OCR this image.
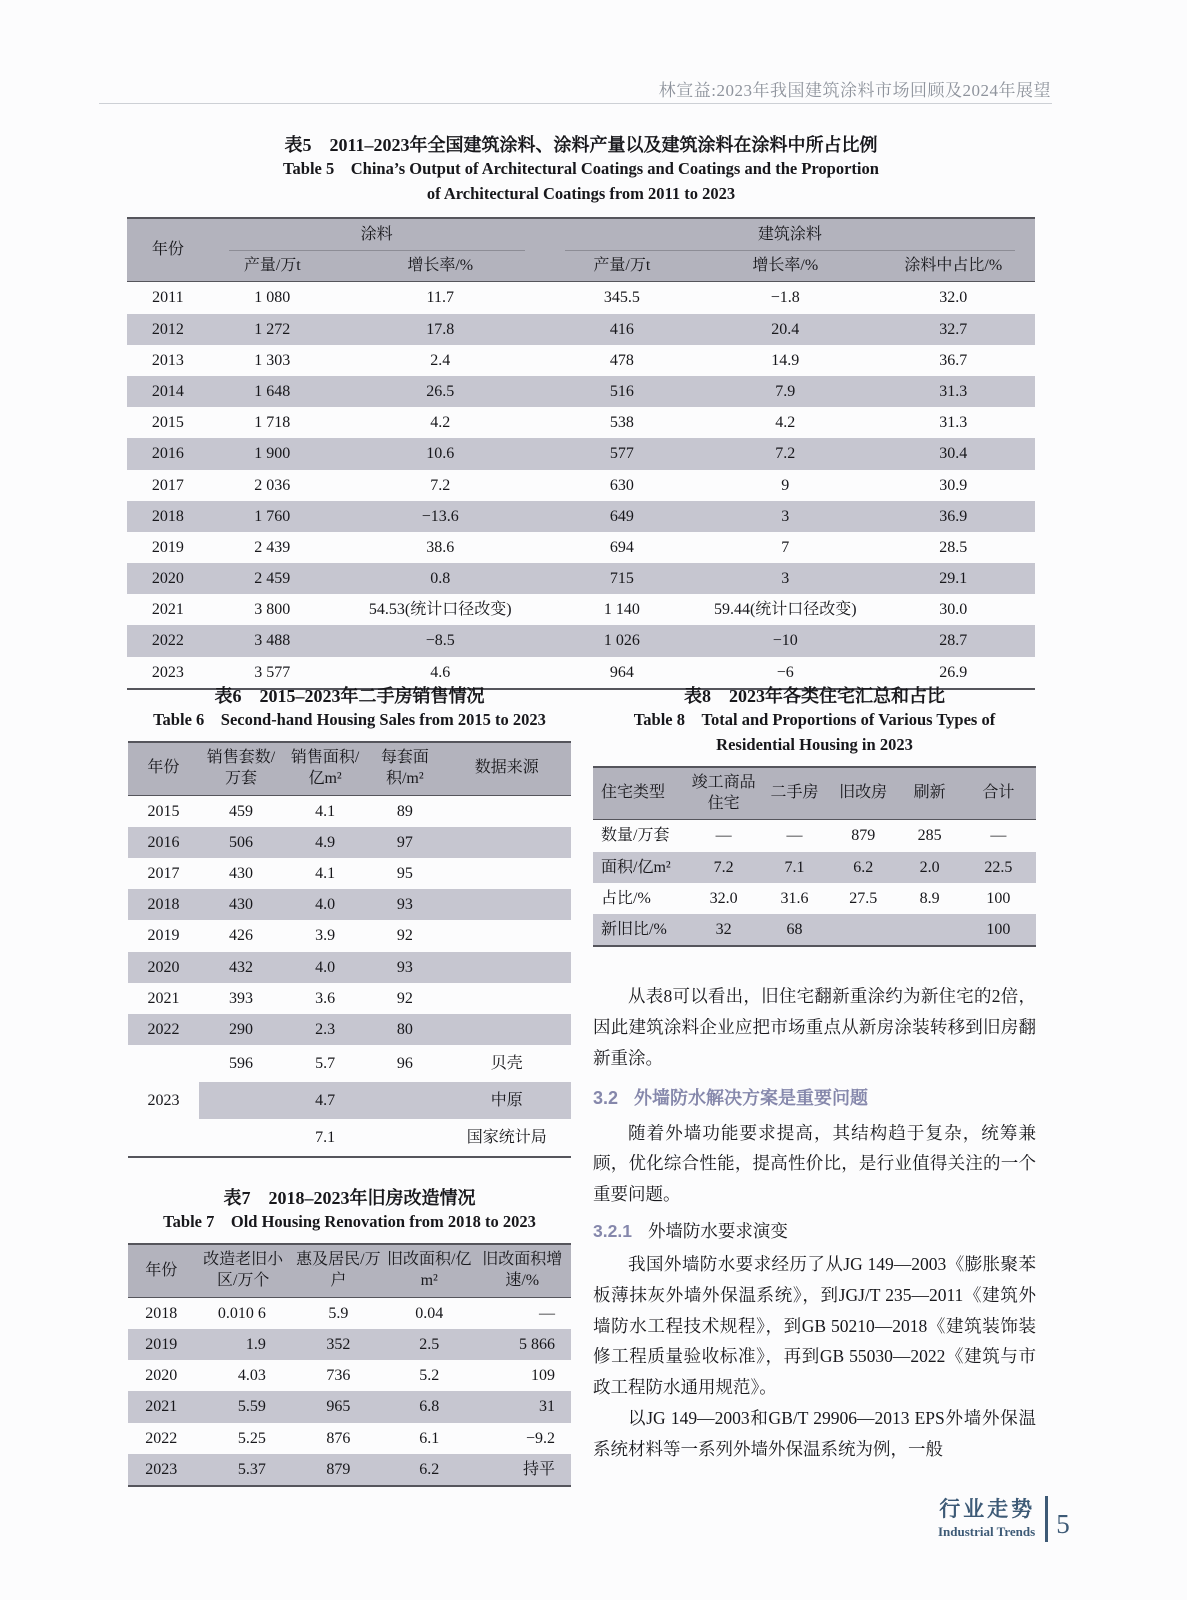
林宣益:2023年我国建筑涂料市场回顾及2024年展望
表5　2011–2023年全国建筑涂料、涂料产量以及建筑涂料在涂料中所占比例
Table 5　China’s Output of Architectural Coatings and Coatings and the Proportion
of Architectural Coatings from 2011 to 2023
年份	涂料		建筑涂料		

	产量/万t	增长率/%	产量/万t	增长率/%	涂料中占比/%
2011	1 080	11.7	345.5	−1.8	32.0
2012	1 272	17.8	416	20.4	32.7
2013	1 303	2.4	478	14.9	36.7
2014	1 648	26.5	516	7.9	31.3
2015	1 718	4.2	538	4.2	31.3
2016	1 900	10.6	577	7.2	30.4
2017	2 036	7.2	630	9	30.9
2018	1 760	−13.6	649	3	36.9
2019	2 439	38.6	694	7	28.5
2020	2 459	0.8	715	3	29.1
2021	3 800	54.53(统计口径改变)	1 140	59.44(统计口径改变)	30.0
2022	3 488	−8.5	1 026	−10	28.7
2023	3 577	4.6	964	−6	26.9
表6　2015–2023年二手房销售情况
Table 6　Second-hand Housing Sales from 2015 to 2023
年份	销售套数/万套	销售面积/亿m²	每套面积/m²	数据来源
2015	459	4.1	89	
2016	506	4.9	97	
2017	430	4.1	95	
2018	430	4.0	93	
2019	426	3.9	92	
2020	432	4.0	93	
2021	393	3.6	92	
2022	290	2.3	80	
2023	596	5.7	96	贝壳
		4.7		中原
		7.1		国家统计局
表7　2018–2023年旧房改造情况
Table 7　Old Housing Renovation from 2018 to 2023
年份	改造老旧小区/万个	惠及居民/万户	旧改面积/亿m²	旧改面积增速/%
2018	0.010 6	5.9	0.04	—
2019	1.9	352	2.5	5 866
2020	4.03	736	5.2	109
2021	5.59	965	6.8	31
2022	5.25	876	6.1	−9.2
2023	5.37	879	6.2	持平
表8　2023年各类住宅汇总和占比
Table 8　Total and Proportions of Various Types of
Residential Housing in 2023
住宅类型	竣工商品住宅	二手房	旧改房	刷新	合计
数量/万套	—	—	879	285	—
面积/亿m²	7.2	7.1	6.2	2.0	22.5
占比/%	32.0	31.6	27.5	8.9	100
新旧比/%	32	68			100

从表8可以看出，旧住宅翻新重涂约为新住宅的2倍，因此建筑涂料企业应把市场重点从新房涂装转移到旧房翻新重涂。

3.2 外墙防水解决方案是重要问题

随着外墙功能要求提高，其结构趋于复杂，统筹兼顾，优化综合性能，提高性价比，是行业值得关注的一个重要问题。

3.2.1 外墙防水要求演变

我国外墙防水要求经历了从JG 149—2003《膨胀聚苯板薄抹灰外墙外保温系统》，到JGJ/T 235—2011《建筑外墙防水工程技术规程》，到GB 50210—2018《建筑装饰装修工程质量验收标准》，再到GB 55030—2022《建筑与市政工程防水通用规范》。

以JG 149—2003和GB/T 29906—2013 EPS外墙外保温系统材料等一系列外墙外保温系统为例，一般

行业走势
Industrial Trends 5
